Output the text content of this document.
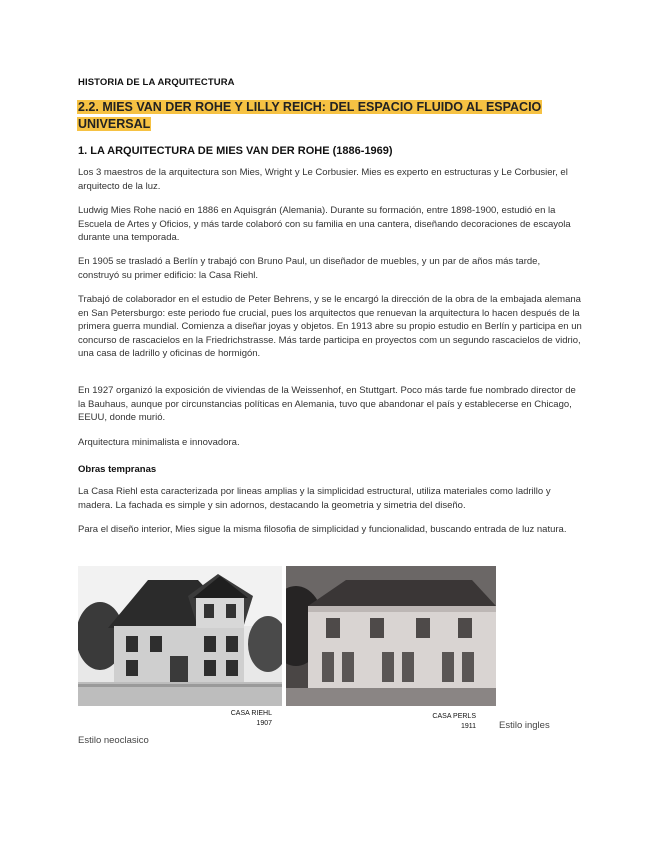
HISTORIA DE LA ARQUITECTURA
2.2. MIES VAN DER ROHE Y LILLY REICH: DEL ESPACIO FLUIDO AL ESPACIO UNIVERSAL
1. LA ARQUITECTURA DE MIES VAN DER ROHE (1886-1969)

Los 3 maestros de la arquitectura son Mies, Wright y Le Corbusier. Mies es experto en estructuras y Le Corbusier, el arquitecto de la luz.

Ludwig Mies Rohe nació en 1886 en Aquisgrán (Alemania). Durante su formación, entre 1898-1900, estudió en la Escuela de Artes y Oficios, y más tarde colaboró con su familia en una cantera, diseñando decoraciones de escayola durante una temporada.

En 1905 se trasladó a Berlín y trabajó con Bruno Paul, un diseñador de muebles, y un par de años más tarde, construyó su primer edificio: la Casa Riehl.

Trabajó de colaborador en el estudio de Peter Behrens, y se le encargó la dirección de la obra de la embajada alemana en San Petersburgo: este periodo fue crucial, pues los arquitectos que renuevan la arquitectura lo hacen después de la primera guerra mundial. Comienza a diseñar joyas y objetos. En 1913 abre su propio estudio en Berlín y participa en un concurso de rascacielos en la Friedrichstrasse. Más tarde participa en proyectos com un segundo rascacielos de vidrio, una casa de ladrillo y oficinas de hormigón.

En 1927 organizó la exposición de viviendas de la Weissenhof, en Stuttgart. Poco más tarde fue nombrado director de la Bauhaus, aunque por circunstancias políticas en Alemania, tuvo que abandonar el país y establecerse en Chicago, EEUU, donde murió.

Arquitectura minimalista e innovadora.

Obras tempranas

La Casa Riehl esta caracterizada por lineas amplias y la simplicidad estructural, utiliza materiales como ladrillo y madera. La fachada es simple y sin adornos, destacando la geometria y simetria del diseño.

Para el diseño interior, Mies sigue la misma filosofia de simplicidad y funcionalidad, buscando entrada de luz natura.

CASA RIEHL
1907
CASA PERLS
1911 Estilo ingles
Estilo neoclasico
